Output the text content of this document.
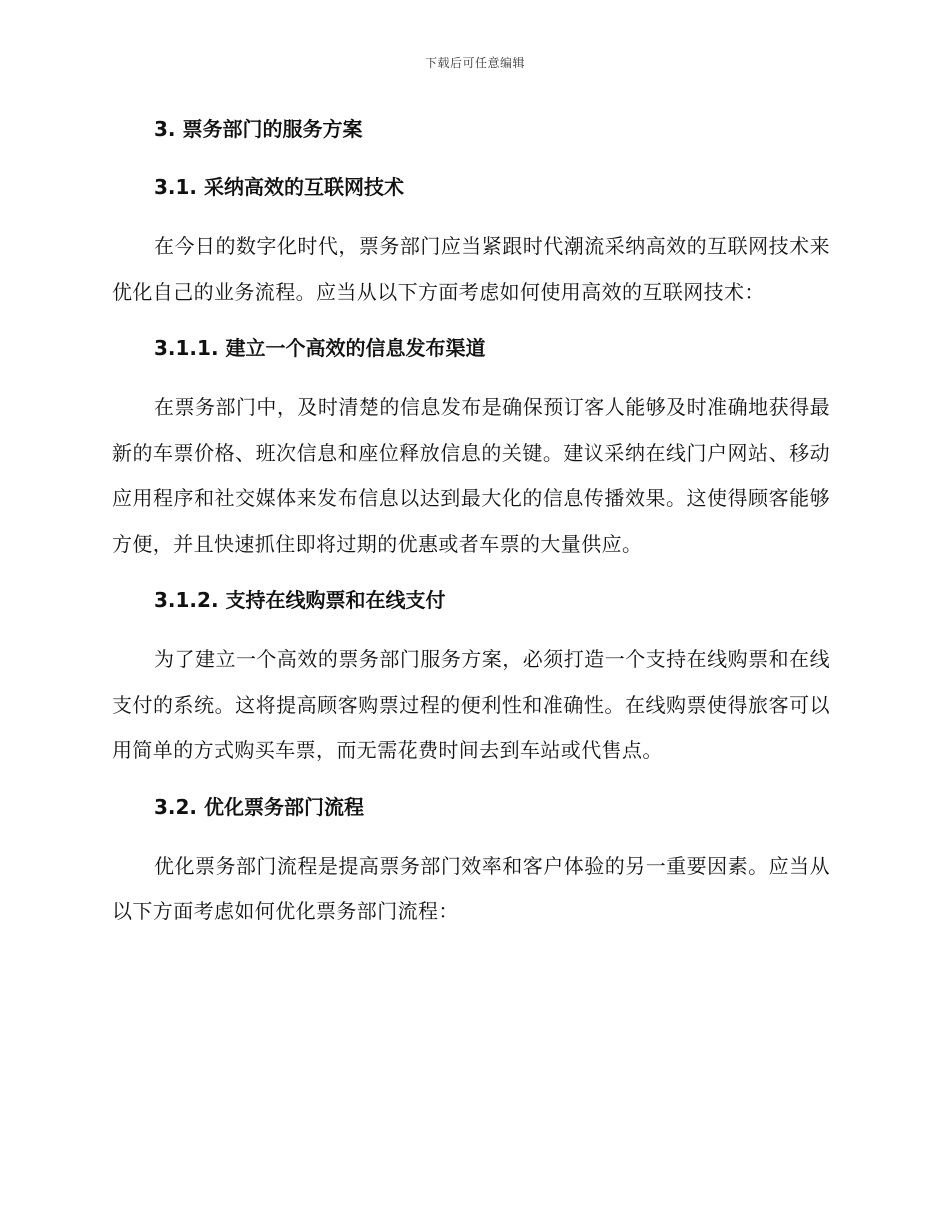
下载后可任意编辑
3. 票务部门的服务方案
3.1. 采纳高效的互联网技术

在今日的数字化时代，票务部门应当紧跟时代潮流采纳高效的互联网技术来优化自己的业务流程。应当从以下方面考虑如何使用高效的互联网技术：

3.1.1. 建立一个高效的信息发布渠道

在票务部门中，及时清楚的信息发布是确保预订客人能够及时准确地获得最新的车票价格、班次信息和座位释放信息的关键。建议采纳在线门户网站、移动应用程序和社交媒体来发布信息以达到最大化的信息传播效果。这使得顾客能够方便，并且快速抓住即将过期的优惠或者车票的大量供应。

3.1.2. 支持在线购票和在线支付

为了建立一个高效的票务部门服务方案，必须打造一个支持在线购票和在线支付的系统。这将提高顾客购票过程的便利性和准确性。在线购票使得旅客可以用简单的方式购买车票，而无需花费时间去到车站或代售点。

3.2. 优化票务部门流程

优化票务部门流程是提高票务部门效率和客户体验的另一重要因素。应当从以下方面考虑如何优化票务部门流程：
